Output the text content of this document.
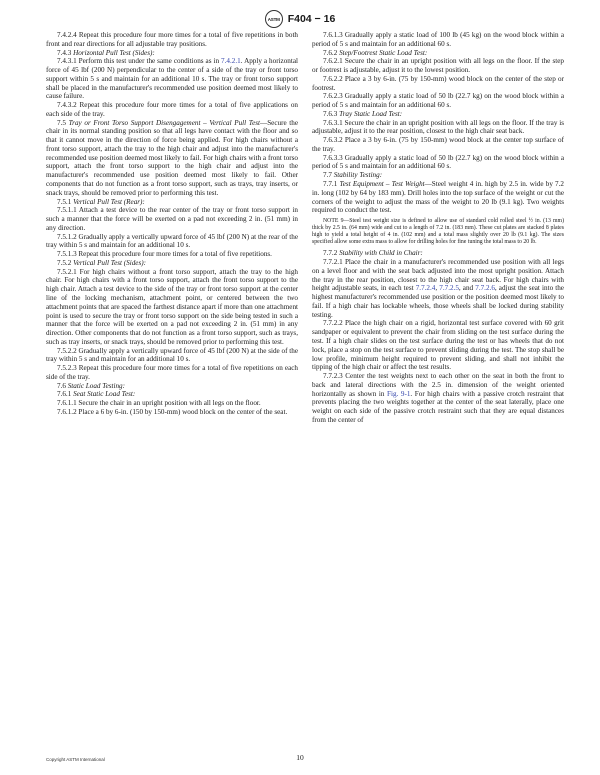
ASTM F404 − 16

7.4.2.4 Repeat this procedure four more times for a total of five repetitions in both front and rear directions for all adjustable tray positions.

7.4.3 Horizontal Pull Test (Sides):

7.4.3.1 Perform this test under the same conditions as in 7.4.2.1. Apply a horizontal force of 45 lbf (200 N) perpendicular to the center of a side of the tray or front torso support within 5 s and maintain for an additional 10 s. The tray or front torso support shall be placed in the manufacturer's recommended use position deemed most likely to cause failure.

7.4.3.2 Repeat this procedure four more times for a total of five applications on each side of the tray.

7.5 Tray or Front Torso Support Disengagement – Vertical Pull Test—Secure the chair in its normal standing position so that all legs have contact with the floor and so that it cannot move in the direction of force being applied. For high chairs without a front torso support, attach the tray to the high chair and adjust into the manufacturer's recommended use position deemed most likely to fail. For high chairs with a front torso support, attach the front torso support to the high chair and adjust into the manufacturer's recommended use position deemed most likely to fail. Other components that do not function as a front torso support, such as trays, tray inserts, or snack trays, should be removed prior to performing this test.

7.5.1 Vertical Pull Test (Rear):

7.5.1.1 Attach a test device to the rear center of the tray or front torso support in such a manner that the force will be exerted on a pad not exceeding 2 in. (51 mm) in any direction.

7.5.1.2 Gradually apply a vertically upward force of 45 lbf (200 N) at the rear of the tray within 5 s and maintain for an additional 10 s.

7.5.1.3 Repeat this procedure four more times for a total of five repetitions.

7.5.2 Vertical Pull Test (Sides):

7.5.2.1 For high chairs without a front torso support, attach the tray to the high chair. For high chairs with a front torso support, attach the front torso support to the high chair. Attach a test device to the side of the tray or front torso support at the center line of the locking mechanism, attachment point, or centered between the two attachment points that are spaced the farthest distance apart if more than one attachment point is used to secure the tray or front torso support on the side being tested in such a manner that the force will be exerted on a pad not exceeding 2 in. (51 mm) in any direction. Other components that do not function as a front torso support, such as trays, such as tray inserts, or snack trays, should be removed prior to performing this test.

7.5.2.2 Gradually apply a vertically upward force of 45 lbf (200 N) at the side of the tray within 5 s and maintain for an additional 10 s.

7.5.2.3 Repeat this procedure four more times for a total of five repetitions on each side of the tray.

7.6 Static Load Testing:

7.6.1 Seat Static Load Test:

7.6.1.1 Secure the chair in an upright position with all legs on the floor.

7.6.1.2 Place a 6 by 6-in. (150 by 150-mm) wood block on the center of the seat.

7.6.1.3 Gradually apply a static load of 100 lb (45 kg) on the wood block within a period of 5 s and maintain for an additional 60 s.

7.6.2 Step/Footrest Static Load Test:

7.6.2.1 Secure the chair in an upright position with all legs on the floor. If the step or footrest is adjustable, adjust it to the lowest position.

7.6.2.2 Place a 3 by 6-in. (75 by 150-mm) wood block on the center of the step or footrest.

7.6.2.3 Gradually apply a static load of 50 lb (22.7 kg) on the wood block within a period of 5 s and maintain for an additional 60 s.

7.6.3 Tray Static Load Test:

7.6.3.1 Secure the chair in an upright position with all legs on the floor. If the tray is adjustable, adjust it to the rear position, closest to the high chair seat back.

7.6.3.2 Place a 3 by 6-in. (75 by 150-mm) wood block at the center top surface of the tray.

7.6.3.3 Gradually apply a static load of 50 lb (22.7 kg) on the wood block within a period of 5 s and maintain for an additional 60 s.

7.7 Stability Testing:

7.7.1 Test Equipment – Test Weight—Steel weight 4 in. high by 2.5 in. wide by 7.2 in. long (102 by 64 by 183 mm). Drill holes into the top surface of the weight or cut the corners of the weight to adjust the mass of the weight to 20 lb (9.1 kg). Two weights required to conduct the test.

NOTE 9—Steel test weight size is defined to allow use of standard cold rolled steel ½ in. (13 mm) thick by 2.5 in. (64 mm) wide and cut to a length of 7.2 in. (183 mm). These cut plates are stacked 8 plates high to yield a total height of 4 in. (102 mm) and a total mass slightly over 20 lb (9.1 kg). The sizes specified allow some extra mass to allow for drilling holes for fine tuning the total mass to 20 lb.

7.7.2 Stability with Child in Chair:

7.7.2.1 Place the chair in a manufacturer's recommended use position with all legs on a level floor and with the seat back adjusted into the most upright position. Attach the tray in the rear position, closest to the high chair seat back. For high chairs with height adjustable seats, in each test 7.7.2.4, 7.7.2.5, and 7.7.2.6, adjust the seat into the highest manufacturer's recommended use position or the position deemed most likely to fail. If a high chair has lockable wheels, those wheels shall be locked during stability testing.

7.7.2.2 Place the high chair on a rigid, horizontal test surface covered with 60 grit sandpaper or equivalent to prevent the chair from sliding on the test surface during the test. If a high chair slides on the test surface during the test or has wheels that do not lock, place a stop on the test surface to prevent sliding during the test. The stop shall be low profile, minimum height required to prevent sliding, and shall not inhibit the tipping of the high chair or affect the test results.

7.7.2.3 Center the test weights next to each other on the seat in both the front to back and lateral directions with the 2.5 in. dimension of the weight oriented horizontally as shown in Fig. 9-1. For high chairs with a passive crotch restraint that prevents placing the two weights together at the center of the seat laterally, place one weight on each side of the passive crotch restraint such that they are equal distances from the center of

Copyright ASTM International	10
